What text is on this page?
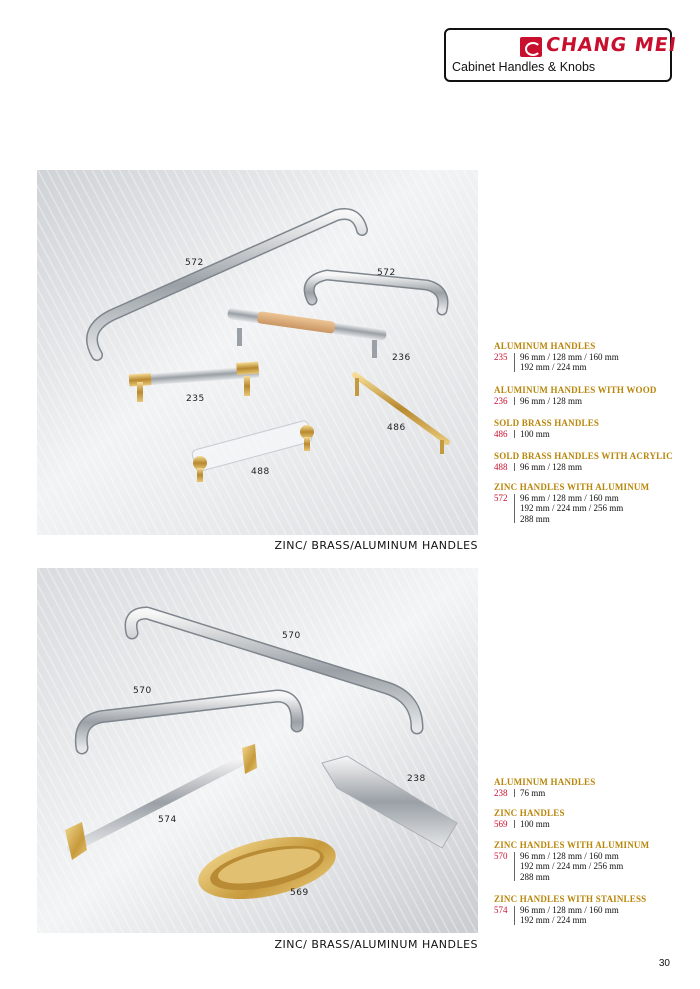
CHANG MEI
Cabinet Handles & Knobs
572
572
236
235
486
488
ZINC/ BRASS/ALUMINUM HANDLES
ALUMINUM HANDLES
235	96 mm / 128 mm / 160 mm
192 mm / 224 mm
ALUMINUM HANDLES WITH WOOD
236	96 mm / 128 mm
SOLD BRASS HANDLES
486	100 mm
SOLD BRASS HANDLES WITH ACRYLIC
488	96 mm / 128 mm
ZINC HANDLES WITH ALUMINUM
572	96 mm / 128 mm / 160 mm
192 mm / 224 mm / 256 mm
288 mm
570
570
238
574
569
ZINC/ BRASS/ALUMINUM HANDLES
ALUMINUM HANDLES
238	76 mm
ZINC HANDLES
569	100 mm
ZINC HANDLES WITH ALUMINUM
570	96 mm / 128 mm / 160 mm
192 mm / 224 mm / 256 mm
288 mm
ZINC HANDLES WITH STAINLESS
574	96 mm / 128 mm / 160 mm
192 mm / 224 mm
30
